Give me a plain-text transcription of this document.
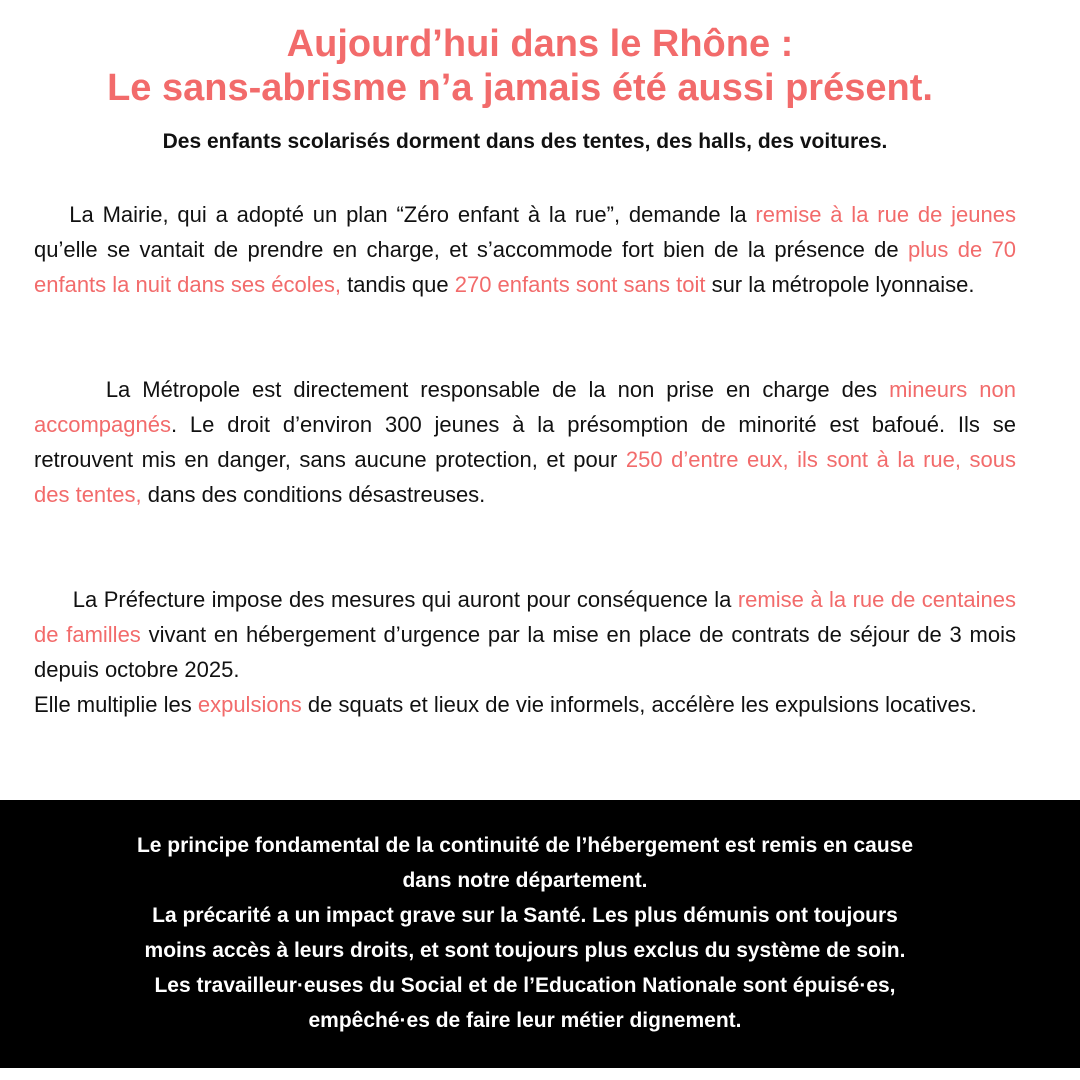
Aujourd’hui dans le Rhône :
Le sans-abrisme n’a jamais été aussi présent.

Des enfants scolarisés dorment dans des tentes, des halls, des voitures.

La Mairie, qui a adopté un plan “Zéro enfant à la rue”, demande la remise à la rue de jeunes qu’elle se vantait de prendre en charge, et s’accommode fort bien de la présence de plus de 70 enfants la nuit dans ses écoles, tandis que 270 enfants sont sans toit sur la métropole lyonnaise.

La Métropole est directement responsable de la non prise en charge des mineurs non accompagnés. Le droit d’environ 300 jeunes à la présomption de minorité est bafoué. Ils se retrouvent mis en danger, sans aucune protection, et pour 250 d’entre eux, ils sont à la rue, sous des tentes, dans des conditions désastreuses.

La Préfecture impose des mesures qui auront pour conséquence la remise à la rue de centaines de familles vivant en hébergement d’urgence par la mise en place de contrats de séjour de 3 mois depuis octobre 2025.

Elle multiplie les expulsions de squats et lieux de vie informels, accélère les expulsions locatives.

Le principe fondamental de la continuité de l’hébergement est remis en cause
dans notre département.
La précarité a un impact grave sur la Santé. Les plus démunis ont toujours
moins accès à leurs droits, et sont toujours plus exclus du système de soin.
Les travailleur·euses du Social et de l’Education Nationale sont épuisé·es,
empêché·es de faire leur métier dignement.
